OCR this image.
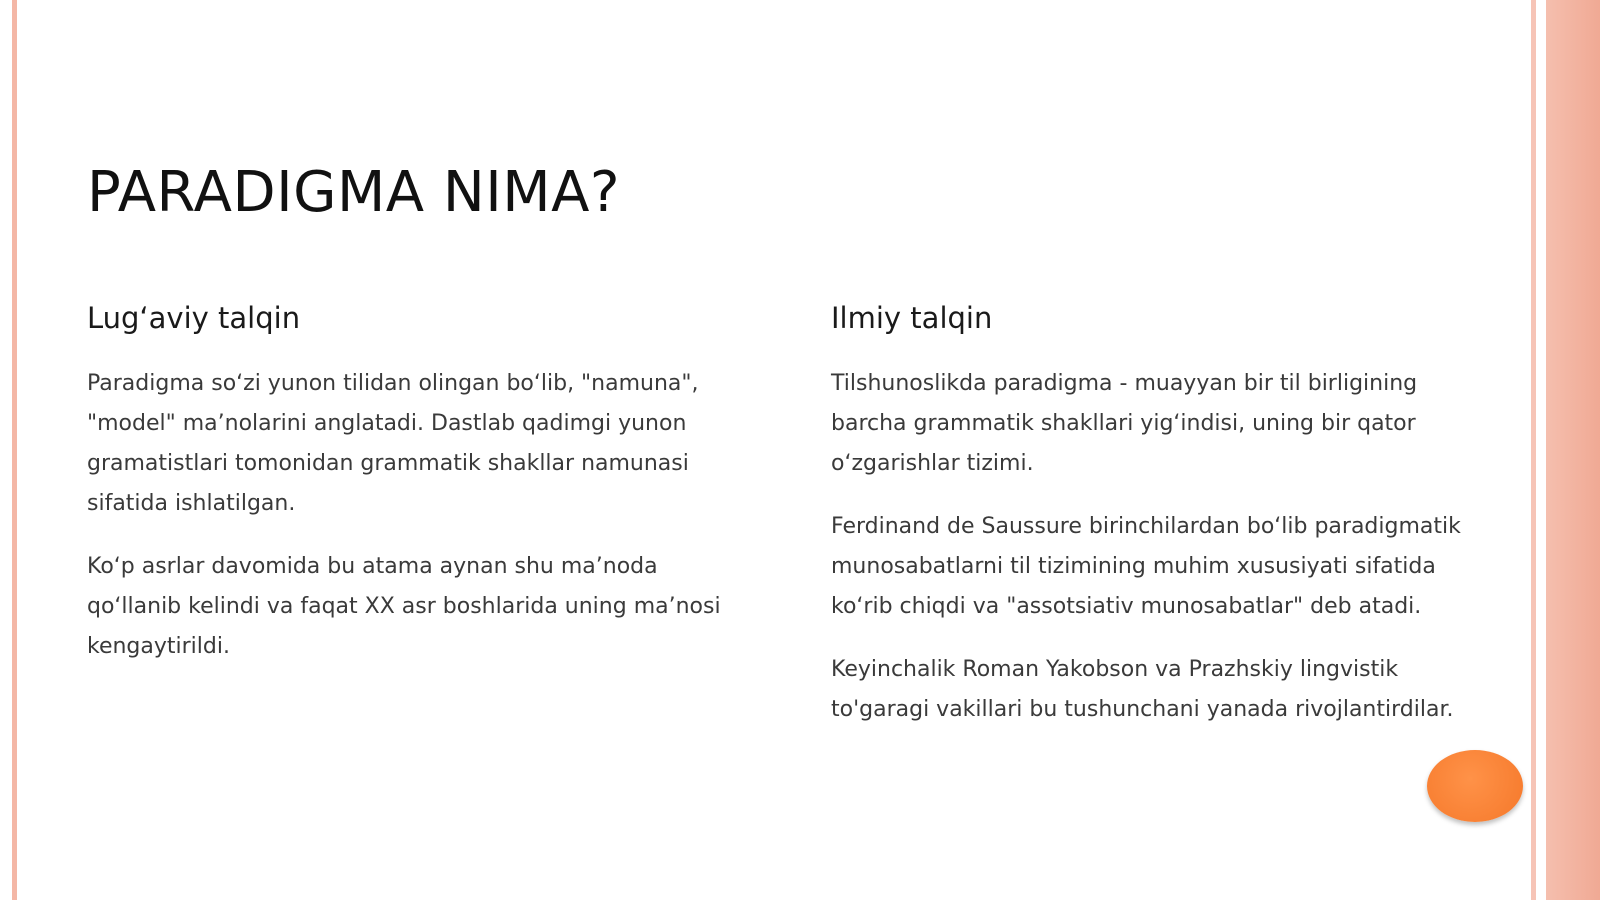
PARADIGMA NIMA?
Lug‘aviy talqin

Paradigma so‘zi yunon tilidan olingan bo‘lib, "namuna", "model" ma’nolarini anglatadi. Dastlab qadimgi yunon gramatistlari tomonidan grammatik shakllar namunasi sifatida ishlatilgan.

Ko‘p asrlar davomida bu atama aynan shu ma’noda qo‘llanib kelindi va faqat XX asr boshlarida uning ma’nosi kengaytirildi.

Ilmiy talqin

Tilshunoslikda paradigma - muayyan bir til birligining barcha grammatik shakllari yig‘indisi, uning bir qator o‘zgarishlar tizimi.

Ferdinand de Saussure birinchilardan bo‘lib paradigmatik munosabatlarni til tizimining muhim xususiyati sifatida ko‘rib chiqdi va "assotsiativ munosabatlar" deb atadi.

Keyinchalik Roman Yakobson va Prazhskiy lingvistik to'garagi vakillari bu tushunchani yanada rivojlantirdilar.
